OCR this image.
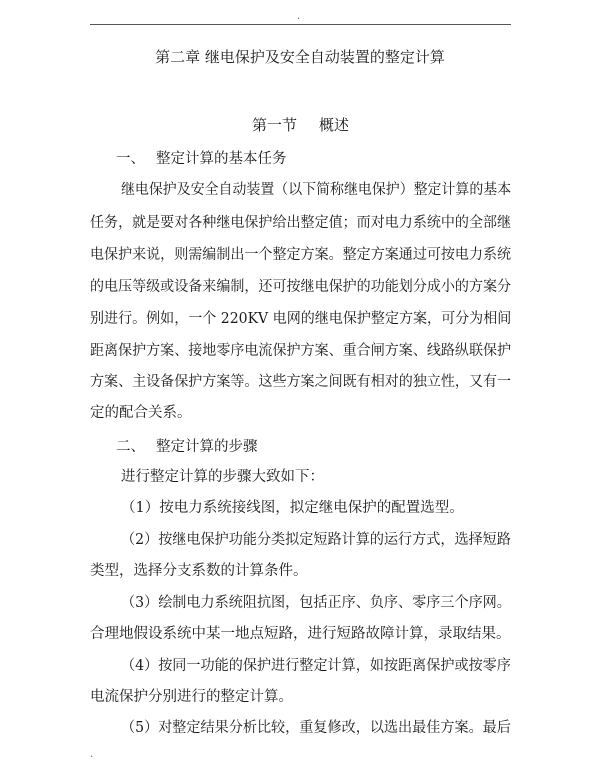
.
第二章 继电保护及安全自动装置的整定计算
第一节 概述
一、 整定计算的基本任务
继电保护及安全自动装置（以下简称继电保护）整定计算的基本
任务，就是要对各种继电保护给出整定值；而对电力系统中的全部继
电保护来说，则需编制出一个整定方案。整定方案通过可按电力系统
的电压等级或设备来编制，还可按继电保护的功能划分成小的方案分
别进行。例如，一个 220KV 电网的继电保护整定方案，可分为相间
距离保护方案、接地零序电流保护方案、重合闸方案、线路纵联保护
方案、主设备保护方案等。这些方案之间既有相对的独立性，又有一
定的配合关系。
二、 整定计算的步骤
进行整定计算的步骤大致如下：
（1）按电力系统接线图，拟定继电保护的配置选型。
（2）按继电保护功能分类拟定短路计算的运行方式，选择短路
类型，选择分支系数的计算条件。
（3）绘制电力系统阻抗图，包括正序、负序、零序三个序网。
合理地假设系统中某一地点短路，进行短路故障计算，录取结果。
（4）按同一功能的保护进行整定计算，如按距离保护或按零序
电流保护分别进行的整定计算。
（5）对整定结果分析比较，重复修改，以选出最佳方案。最后
.
